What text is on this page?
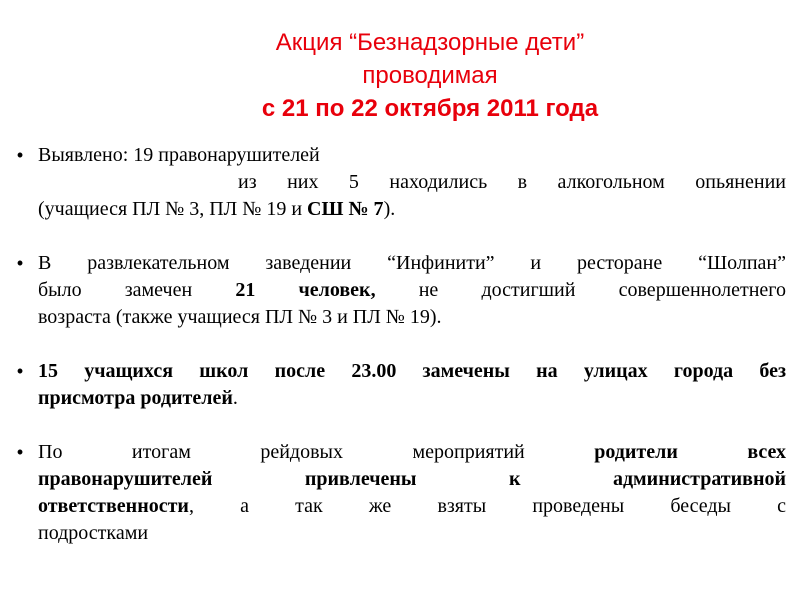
Акция “Безнадзорные дети”
проводимая
с 21 по 22 октября 2011 года
• Выявлено: 19 правонарушителей
из них 5 находились в алкогольном опьянении
(учащиеся ПЛ № 3, ПЛ № 19 и СШ № 7).
• В развлекательном заведении “Инфинити” и ресторане “Шолпан”
было замечен 21 человек, не достигший совершеннолетнего
возраста (также учащиеся ПЛ № 3 и ПЛ № 19).
• 15 учащихся школ после 23.00 замечены на улицах города без
присмотра родителей.
• По итогам рейдовых мероприятий родители всех
правонарушителей привлечены к административной
ответственности, а так же взяты проведены беседы с
подростками
